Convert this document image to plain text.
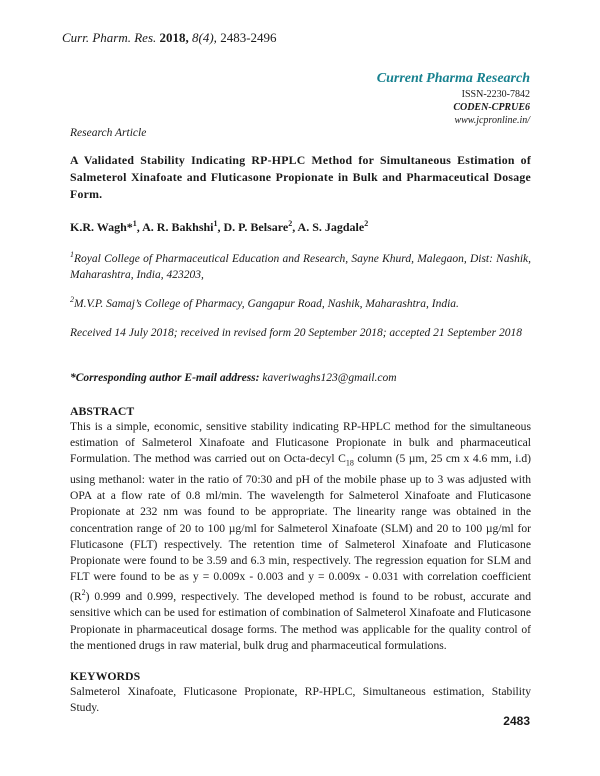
Curr. Pharm. Res. 2018, 8(4), 2483-2496
Current Pharma Research
ISSN-2230-7842
CODEN-CPRUE6
www.jcpronline.in/
Research Article
A Validated Stability Indicating RP-HPLC Method for Simultaneous Estimation of Salmeterol Xinafoate and Fluticasone Propionate in Bulk and Pharmaceutical Dosage Form.
K.R. Wagh*$^1$, A. R. Bakhshi$^1$, D. P. Belsare$^2$, A. S. Jagdale$^2$
$^1$Royal College of Pharmaceutical Education and Research, Sayne Khurd, Malegaon, Dist: Nashik, Maharashtra, India, 423203,
$^2$M.V.P. Samaj’s College of Pharmacy, Gangapur Road, Nashik, Maharashtra, India.
Received 14 July 2018; received in revised form 20 September 2018; accepted 21 September 2018
*Corresponding author E-mail address: kaveriwaghs123@gmail.com
ABSTRACT
This is a simple, economic, sensitive stability indicating RP-HPLC method for the simultaneous estimation of Salmeterol Xinafoate and Fluticasone Propionate in bulk and pharmaceutical Formulation. The method was carried out on Octa-decyl $C_{18}$ column (5 µm, 25 cm x 4.6 mm, i.d) using methanol: water in the ratio of 70:30 and pH of the mobile phase up to 3 was adjusted with OPA at a flow rate of 0.8 ml/min. The wavelength for Salmeterol Xinafoate and Fluticasone Propionate at 232 nm was found to be appropriate. The linearity range was obtained in the concentration range of 20 to 100 µg/ml for Salmeterol Xinafoate (SLM) and 20 to 100 µg/ml for Fluticasone (FLT) respectively. The retention time of Salmeterol Xinafoate and Fluticasone Propionate were found to be 3.59 and 6.3 min, respectively. The regression equation for SLM and FLT were found to be as y = 0.009x - 0.003 and y = 0.009x - 0.031 with correlation coefficient $(R^2)$ 0.999 and 0.999, respectively. The developed method is found to be robust, accurate and sensitive which can be used for estimation of combination of Salmeterol Xinafoate and Fluticasone Propionate in pharmaceutical dosage forms. The method was applicable for the quality control of the mentioned drugs in raw material, bulk drug and pharmaceutical formulations.
KEYWORDS
Salmeterol Xinafoate, Fluticasone Propionate, RP-HPLC, Simultaneous estimation, Stability Study.
2483
